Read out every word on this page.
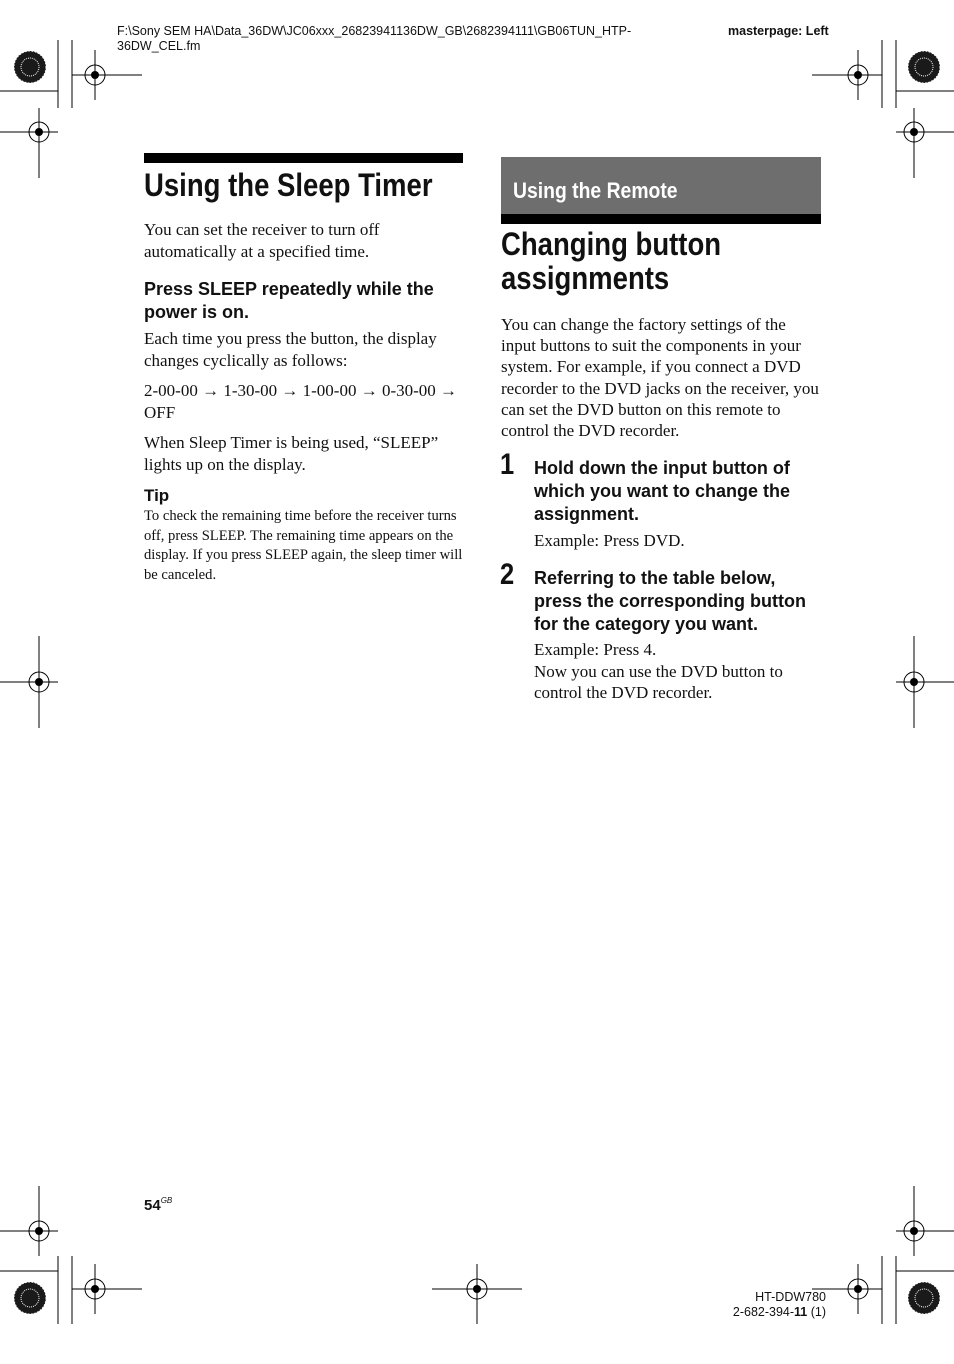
F:\Sony SEM HA\Data_36DW\JC06xxx_26823941136DW_GB\2682394111\GB06TUN_HTP-
36DW_CEL.fm
masterpage: Left
Using the Sleep Timer
You can set the receiver to turn off automatically at a specified time.
Press SLEEP repeatedly while the power is on.
Each time you press the button, the display changes cyclically as follows:
2-00-00 → 1-30-00 → 1-00-00 → 0-30-00 → OFF
When Sleep Timer is being used, “SLEEP” lights up on the display.
Tip
To check the remaining time before the receiver turns off, press SLEEP. The remaining time appears on the display. If you press SLEEP again, the sleep timer will be canceled.
Using the Remote
Changing button
assignments
You can change the factory settings of the input buttons to suit the components in your system. For example, if you connect a DVD recorder to the DVD jacks on the receiver, you can set the DVD button on this remote to control the DVD recorder.
1 Hold down the input button of which you want to change the assignment.
Example: Press DVD.
2 Referring to the table below, press the corresponding button for the category you want.
Example: Press 4.
Now you can use the DVD button to control the DVD recorder.
$54^{GB}$
HT-DDW780
2-682-394-11 (1)
